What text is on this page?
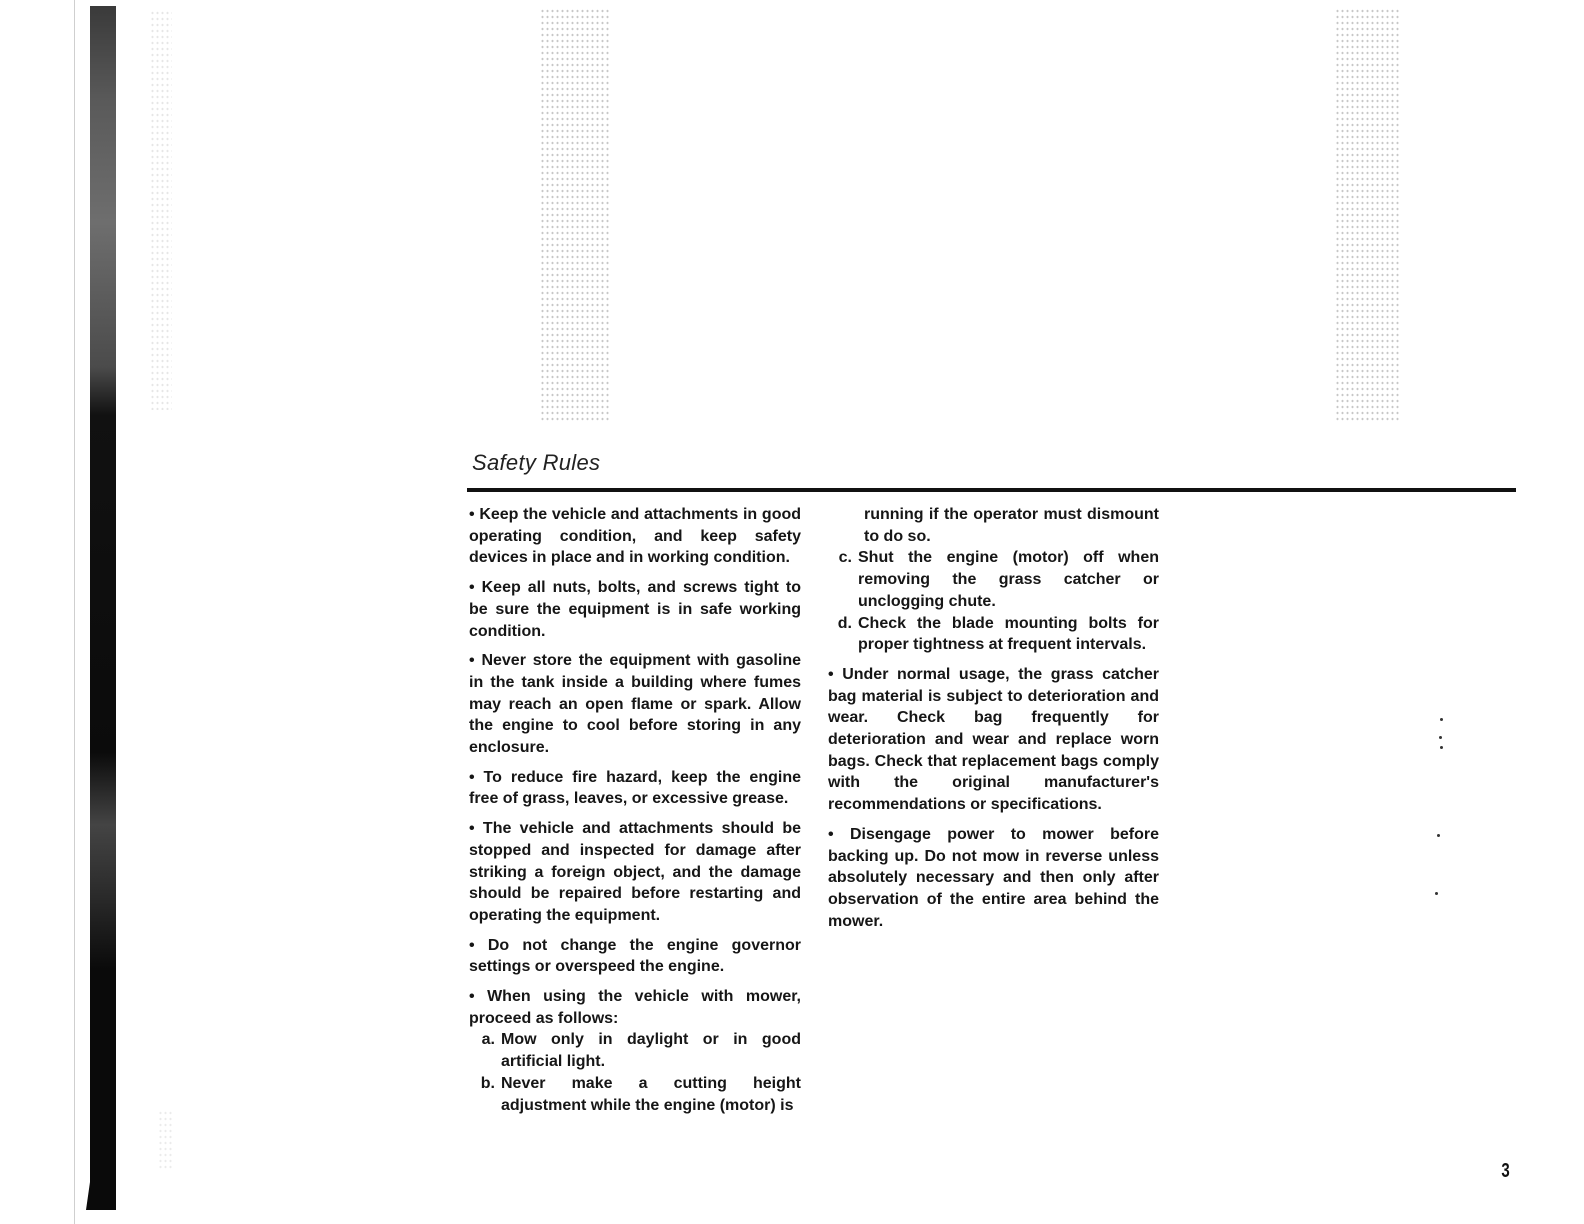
Safety Rules

• Keep the vehicle and attachments in good operating condition, and keep safety devices in place and in working condition.

• Keep all nuts, bolts, and screws tight to be sure the equipment is in safe working condition.

• Never store the equipment with gasoline in the tank inside a building where fumes may reach an open flame or spark. Allow the engine to cool before storing in any enclosure.

• To reduce fire hazard, keep the engine free of grass, leaves, or excessive grease.

• The vehicle and attachments should be stopped and inspected for damage after striking a foreign object, and the damage should be repaired before restarting and operating the equipment.

• Do not change the engine governor settings or overspeed the engine.

• When using the vehicle with mower, proceed as follows:

a. Mow only in daylight or in good artificial light.
b. Never make a cutting height adjustment while the engine (motor) is

running if the operator must dismount to do so.

c. Shut the engine (motor) off when removing the grass catcher or unclogging chute.
d. Check the blade mounting bolts for proper tightness at frequent intervals.

• Under normal usage, the grass catcher bag material is subject to deterioration and wear. Check bag frequently for deterioration and wear and replace worn bags. Check that replacement bags comply with the original manufacturer's recommendations or specifications.

• Disengage power to mower before backing up. Do not mow in reverse unless absolutely necessary and then only after observation of the entire area behind the mower.

3
